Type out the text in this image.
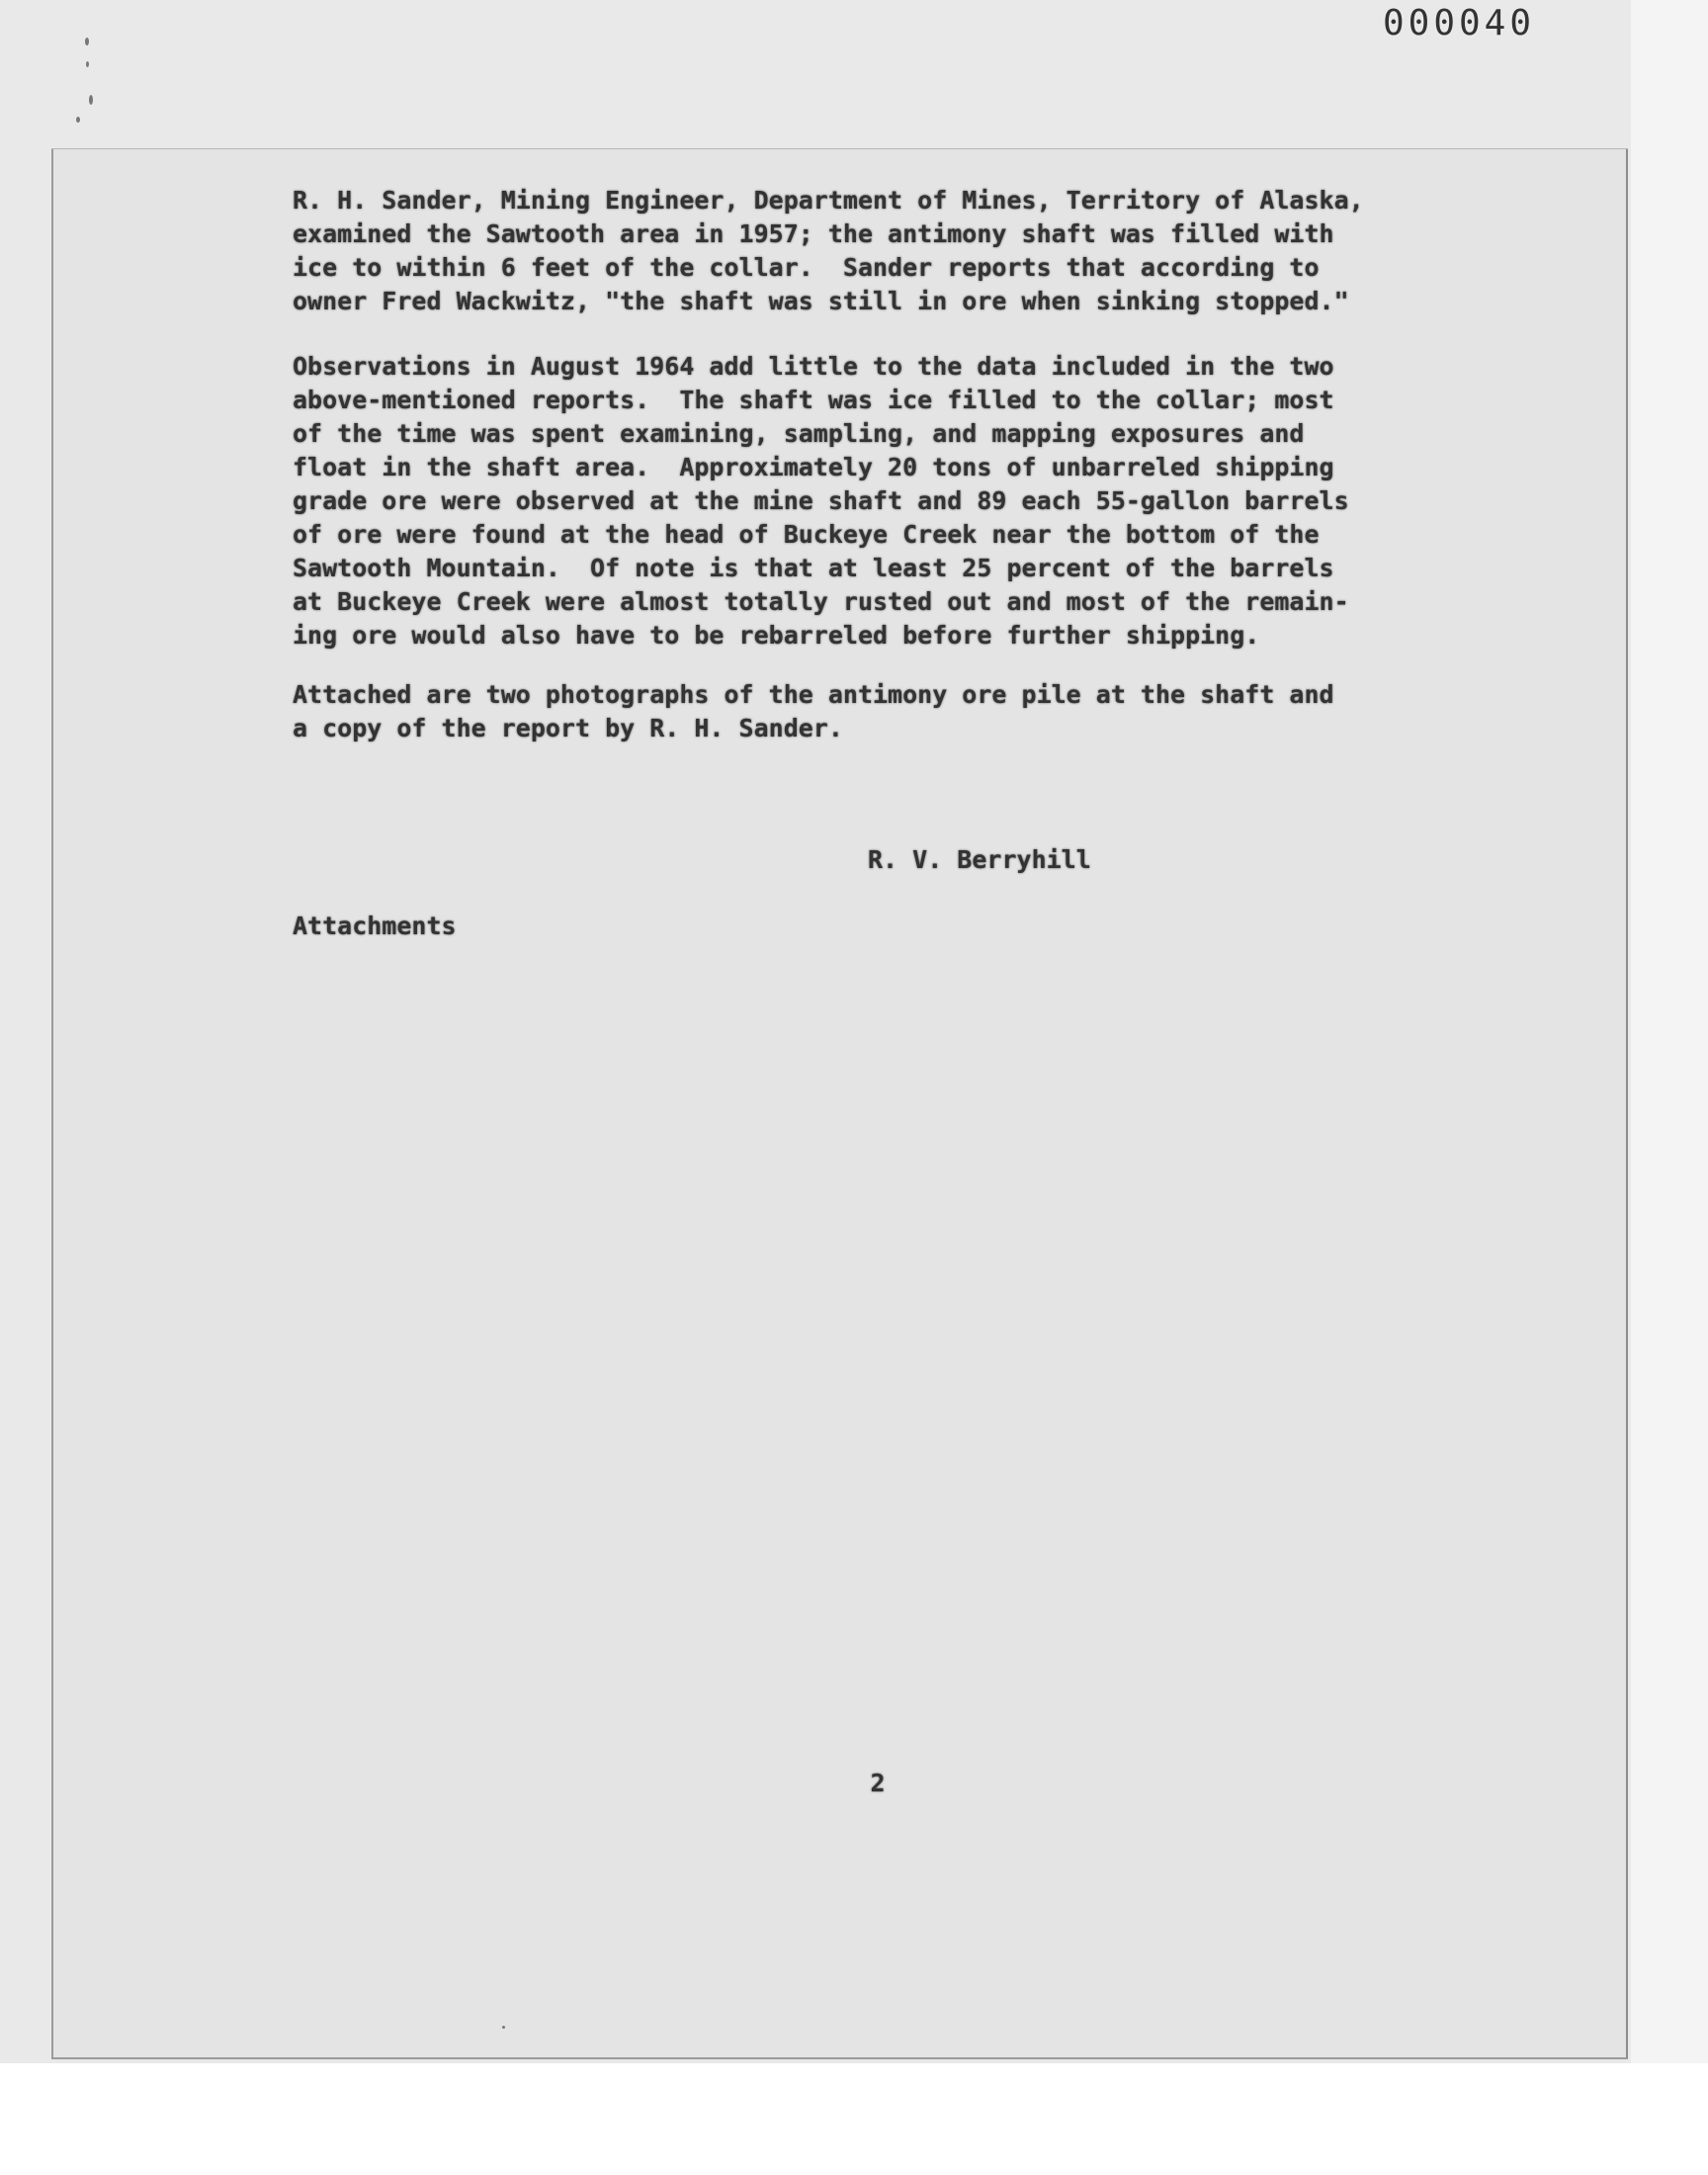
000040
R. H. Sander, Mining Engineer, Department of Mines, Territory of Alaska,
examined the Sawtooth area in 1957; the antimony shaft was filled with
ice to within 6 feet of the collar.  Sander reports that according to
owner Fred Wackwitz, "the shaft was still in ore when sinking stopped."
Observations in August 1964 add little to the data included in the two
above-mentioned reports.  The shaft was ice filled to the collar; most
of the time was spent examining, sampling, and mapping exposures and
float in the shaft area.  Approximately 20 tons of unbarreled shipping
grade ore were observed at the mine shaft and 89 each 55-gallon barrels
of ore were found at the head of Buckeye Creek near the bottom of the
Sawtooth Mountain.  Of note is that at least 25 percent of the barrels
at Buckeye Creek were almost totally rusted out and most of the remain-
ing ore would also have to be rebarreled before further shipping.
Attached are two photographs of the antimony ore pile at the shaft and
a copy of the report by R. H. Sander.
R. V. Berryhill
Attachments
2
